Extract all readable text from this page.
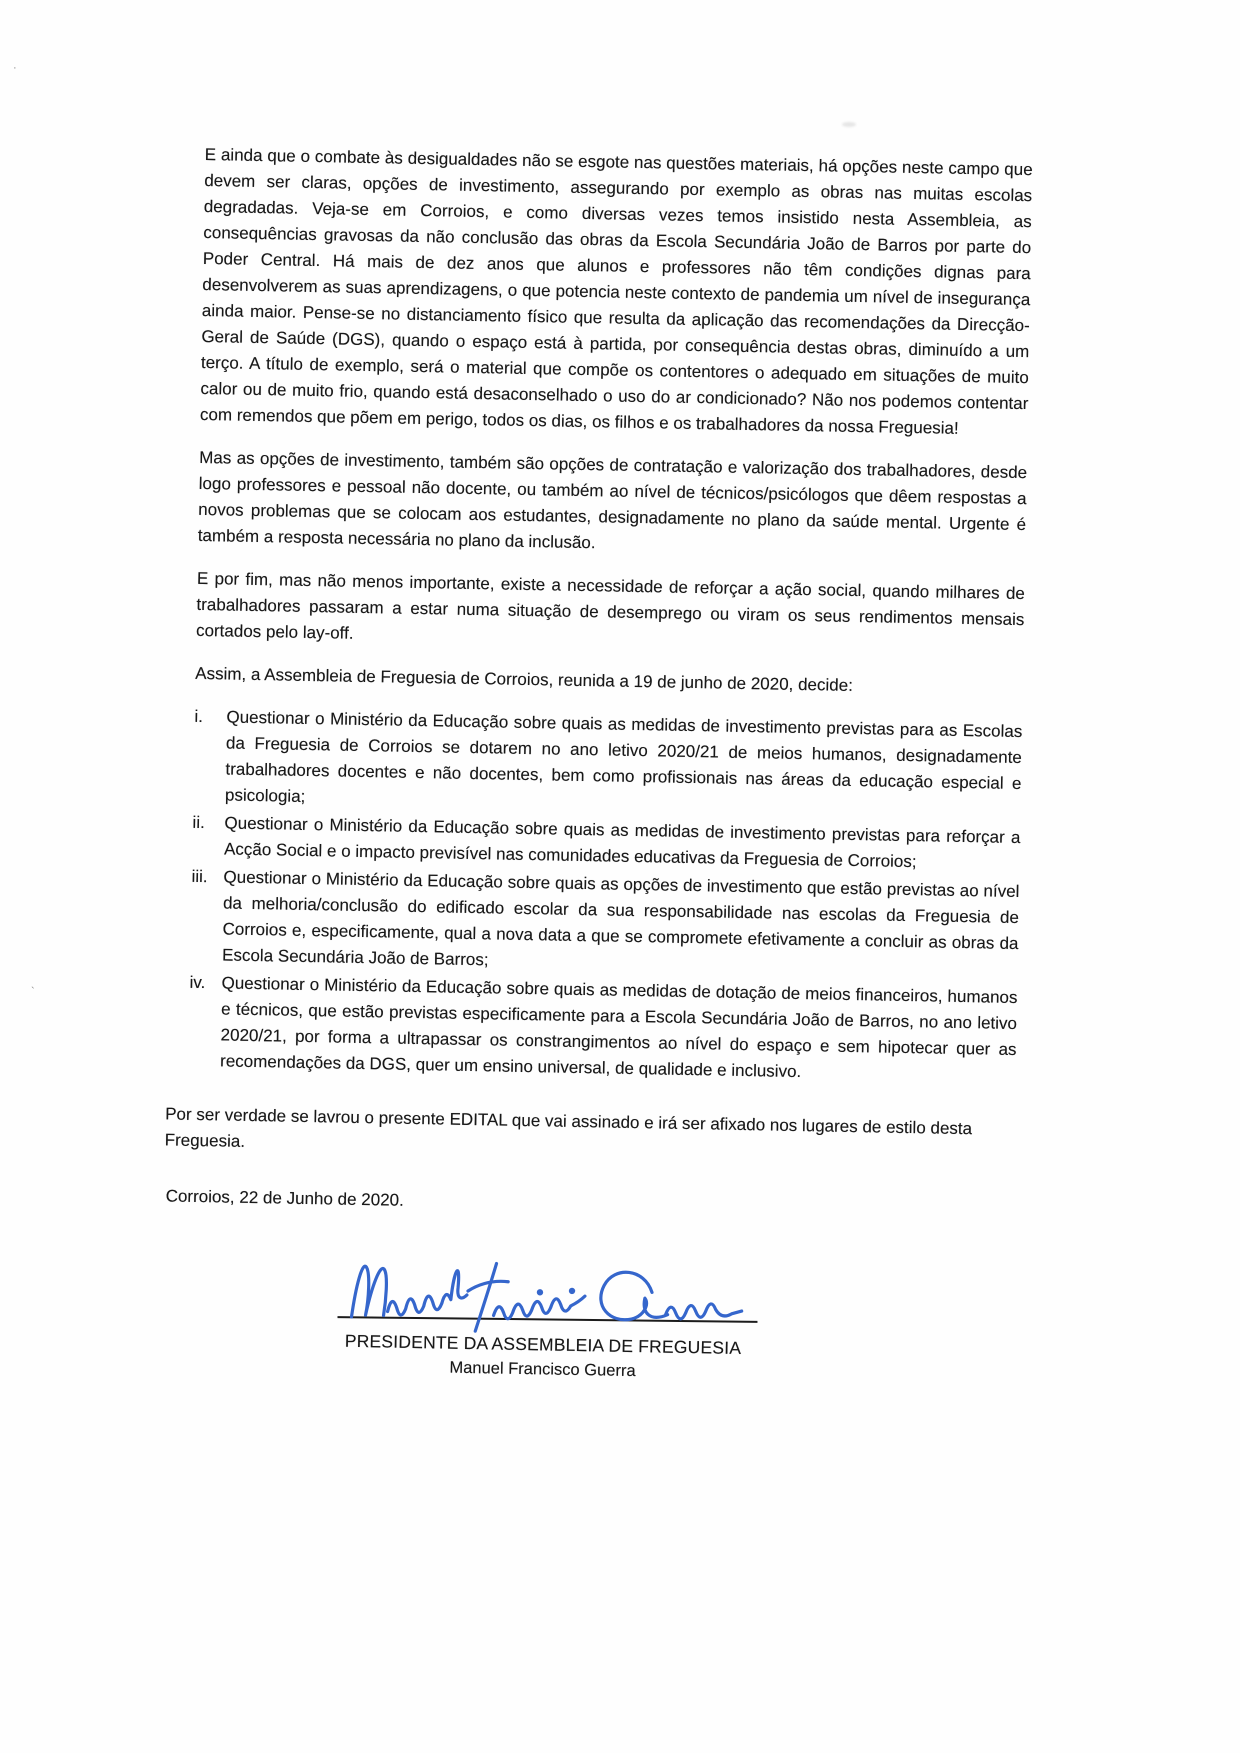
·
`

E ainda que o combate às desigualdades não se esgote nas questões materiais, há opções neste campo que devem ser claras, opções de investimento, assegurando por exemplo as obras nas muitas escolas degradadas. Veja-se em Corroios, e como diversas vezes temos insistido nesta Assembleia, as consequências gravosas da não conclusão das obras da Escola Secundária João de Barros por parte do Poder Central. Há mais de dez anos que alunos e professores não têm condições dignas para desenvolverem as suas aprendizagens, o que potencia neste contexto de pandemia um nível de insegurança ainda maior. Pense-se no distanciamento físico que resulta da aplicação das recomendações da Direcção-Geral de Saúde (DGS), quando o espaço está à partida, por consequência destas obras, diminuído a um terço. A título de exemplo, será o material que compõe os contentores o adequado em situações de muito calor ou de muito frio, quando está desaconselhado o uso do ar condicionado? Não nos podemos contentar com remendos que põem em perigo, todos os dias, os filhos e os trabalhadores da nossa Freguesia!

Mas as opções de investimento, também são opções de contratação e valorização dos trabalhadores, desde logo professores e pessoal não docente, ou também ao nível de técnicos/psicólogos que dêem respostas a novos problemas que se colocam aos estudantes, designadamente no plano da saúde mental. Urgente é também a resposta necessária no plano da inclusão.

E por fim, mas não menos importante, existe a necessidade de reforçar a ação social, quando milhares de trabalhadores passaram a estar numa situação de desemprego ou viram os seus rendimentos mensais cortados pelo lay-off.

Assim, a Assembleia de Freguesia de Corroios, reunida a 19 de junho de 2020, decide:

i.	Questionar o Ministério da Educação sobre quais as medidas de investimento previstas para as Escolas da Freguesia de Corroios se dotarem no ano letivo 2020/21 de meios humanos, designadamente trabalhadores docentes e não docentes, bem como profissionais nas áreas da educação especial e psicologia;
ii.	Questionar o Ministério da Educação sobre quais as medidas de investimento previstas para reforçar a Acção Social e o impacto previsível nas comunidades educativas da Freguesia de Corroios;
iii. Questionar o Ministério da Educação sobre quais as opções de investimento que estão previstas ao nível da melhoria/conclusão do edificado escolar da sua responsabilidade nas escolas da Freguesia de Corroios e, especificamente, qual a nova data a que se compromete efetivamente a concluir as obras da Escola Secundária João de Barros;
iv. Questionar o Ministério da Educação sobre quais as medidas de dotação de meios financeiros, humanos e técnicos, que estão previstas especificamente para a Escola Secundária João de Barros, no ano letivo 2020/21, por forma a ultrapassar os constrangimentos ao nível do espaço e sem hipotecar quer as recomendações da DGS, quer um ensino universal, de qualidade e inclusivo.

Por ser verdade se lavrou o presente EDITAL que vai assinado e irá ser afixado nos lugares de estilo desta Freguesia.

Corroios, 22 de Junho de 2020.

PRESIDENTE DA ASSEMBLEIA DE FREGUESIA
Manuel Francisco Guerra
